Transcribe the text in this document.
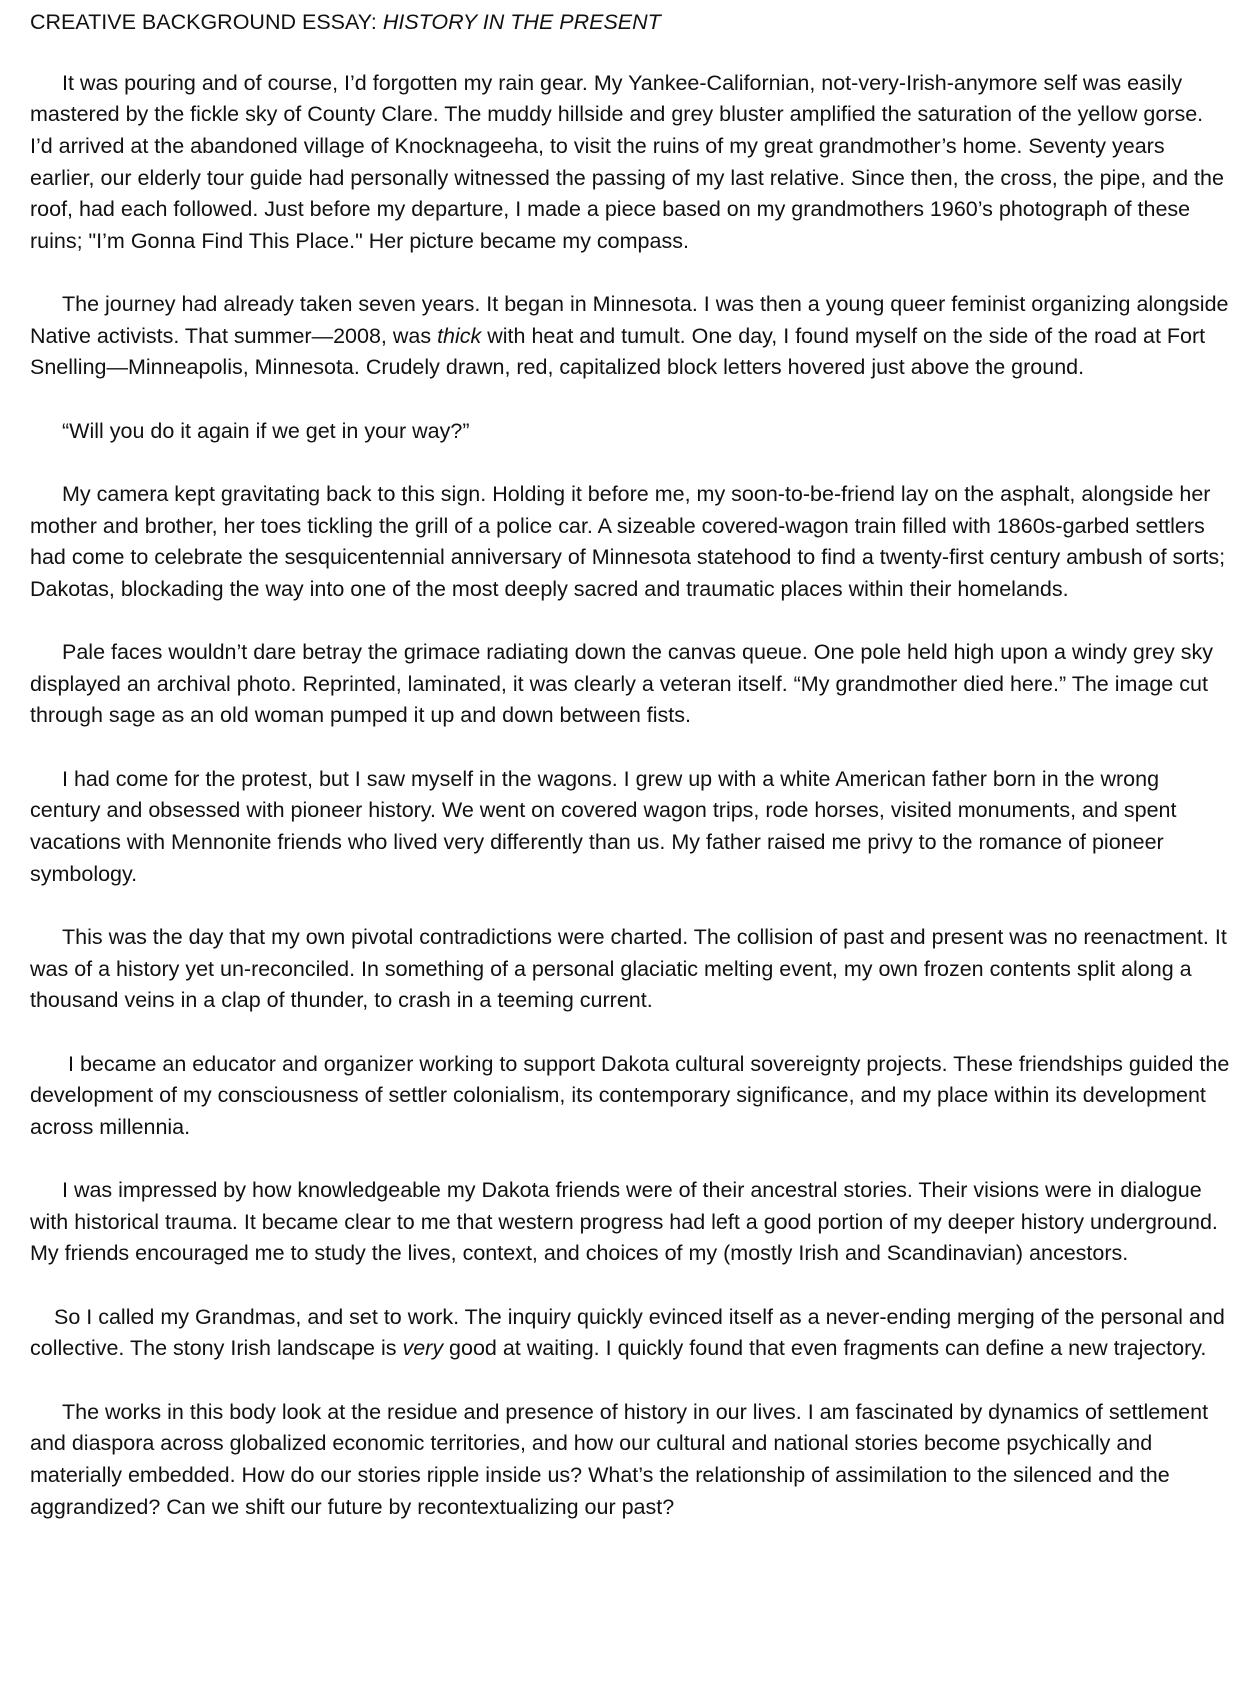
CREATIVE BACKGROUND ESSAY: HISTORY IN THE PRESENT

It was pouring and of course, I’d forgotten my rain gear. My Yankee-Californian, not-very-Irish-anymore self was easily mastered by the fickle sky of County Clare. The muddy hillside and grey bluster amplified the saturation of the yellow gorse. I’d arrived at the abandoned village of Knocknageeha, to visit the ruins of my great grandmother’s home. Seventy years earlier, our elderly tour guide had personally witnessed the passing of my last relative. Since then, the cross, the pipe, and the roof, had each followed. Just before my departure, I made a piece based on my grandmothers 1960’s photograph of these ruins; "I’m Gonna Find This Place." Her picture became my compass.

The journey had already taken seven years. It began in Minnesota. I was then a young queer feminist organizing alongside Native activists. That summer—2008, was thick with heat and tumult. One day, I found myself on the side of the road at Fort Snelling—Minneapolis, Minnesota. Crudely drawn, red, capitalized block letters hovered just above the ground.

“Will you do it again if we get in your way?”

My camera kept gravitating back to this sign. Holding it before me, my soon-to-be-friend lay on the asphalt, alongside her mother and brother, her toes tickling the grill of a police car. A sizeable covered-wagon train filled with 1860s-garbed settlers had come to celebrate the sesquicentennial anniversary of Minnesota statehood to find a twenty-first century ambush of sorts; Dakotas, blockading the way into one of the most deeply sacred and traumatic places within their homelands.

Pale faces wouldn’t dare betray the grimace radiating down the canvas queue. One pole held high upon a windy grey sky displayed an archival photo. Reprinted, laminated, it was clearly a veteran itself. “My grandmother died here.” The image cut through sage as an old woman pumped it up and down between fists.

I had come for the protest, but I saw myself in the wagons. I grew up with a white American father born in the wrong century and obsessed with pioneer history. We went on covered wagon trips, rode horses, visited monuments, and spent vacations with Mennonite friends who lived very differently than us. My father raised me privy to the romance of pioneer symbology.

This was the day that my own pivotal contradictions were charted. The collision of past and present was no reenactment. It was of a history yet un-reconciled. In something of a personal glaciatic melting event, my own frozen contents split along a thousand veins in a clap of thunder, to crash in a teeming current.

I became an educator and organizer working to support Dakota cultural sovereignty projects. These friendships guided the development of my consciousness of settler colonialism, its contemporary significance, and my place within its development across millennia.

I was impressed by how knowledgeable my Dakota friends were of their ancestral stories. Their visions were in dialogue with historical trauma. It became clear to me that western progress had left a good portion of my deeper history underground. My friends encouraged me to study the lives, context, and choices of my (mostly Irish and Scandinavian) ancestors.

So I called my Grandmas, and set to work. The inquiry quickly evinced itself as a never-ending merging of the personal and collective. The stony Irish landscape is very good at waiting. I quickly found that even fragments can define a new trajectory.

The works in this body look at the residue and presence of history in our lives. I am fascinated by dynamics of settlement and diaspora across globalized economic territories, and how our cultural and national stories become psychically and materially embedded. How do our stories ripple inside us? What’s the relationship of assimilation to the silenced and the aggrandized? Can we shift our future by recontextualizing our past?
